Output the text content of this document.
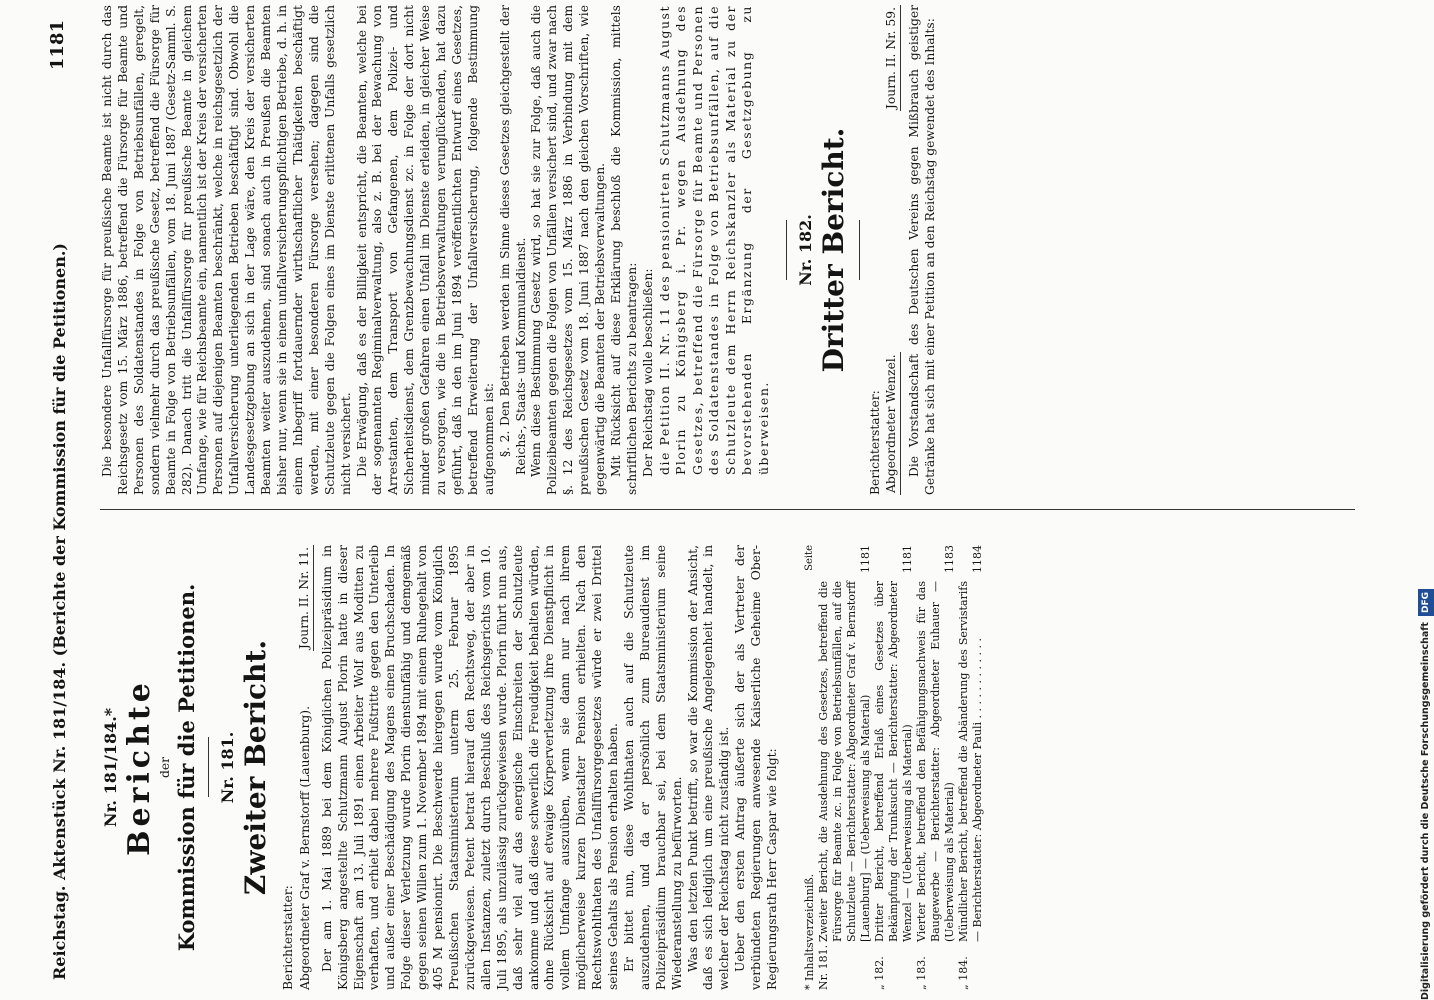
Reichstag. Aktenstück Nr. 181/184. (Berichte der Kommission für die Petitionen.)
1181
Nr. 181/184.* Berichte der Kommission für die Petitionen. Nr. 181. Zweiter Bericht.
Berichterstatter: Abgeordneter Graf v. Bernstorff (Lauenburg).
Journ. II. Nr. 11. Der am 1. Mai 1889 bei dem Königlichen Polizeipräsidium in Königsberg angestellte Schutzmann August Plorin hatte in dieser Eigenschaft am 13. Juli 1891 einen Arbeiter Wolf aus Moditten zu verhaften, und erhielt dabei mehrere Fußtritte gegen den Unterleib und außer einer Beschädigung des Magens einen Bruchschaden. In Folge dieser Verletzung wurde Plorin dienstunfähig und demgemäß gegen seinen Willen zum 1. November 1894 mit einem Ruhegehalt von 405 M pensionirt. Die Beschwerde hiergegen wurde vom Königlich Preußischen Staatsministerium unterm 25. Februar 1895 zurückgewiesen. Petent betrat hierauf den Rechtsweg, der aber in allen Instanzen, zuletzt durch Beschluß des Reichsgerichts vom 10. Juli 1895, als unzulässig zurückgewiesen wurde. Plorin führt nun aus, daß sehr viel auf das energische Einschreiten der Schutzleute ankomme und daß diese schwerlich die Freudigkeit behalten würden, ohne Rücksicht auf etwaige Körperverletzung ihre Dienstpflicht in vollem Umfange auszuüben, wenn sie dann nur nach ihrem möglicherweise kurzen Dienstalter Pension erhielten. Nach den Rechtswohlthaten des Unfallfürsorgegesetzes würde er zwei Drittel seines Gehalts als Pension erhalten haben. Er bittet nun, diese Wohlthaten auch auf die Schutzleute auszudehnen, und da er persönlich zum Bureaudienst im Polizeipräsidium brauchbar sei, bei dem Staatsministerium seine Wiederanstellung zu befürworten. Was den letzten Punkt betrifft, so war die Kommission der Ansicht, daß es sich lediglich um eine preußische Angelegenheit handelt, in welcher der Reichstag nicht zuständig ist. Ueber den ersten Antrag äußerte sich der als Vertreter der verbündeten Regierungen anwesende Kaiserliche Geheime Ober-Regierungsrath Herr Caspar wie folgt: * Inhaltsverzeichniß.
Seite
Nr. 181.
Zweiter Bericht, die Ausdehnung des Gesetzes, betreffend die Fürsorge für Beamte zc. in Folge von Betriebsunfällen, auf die Schutzleute — Berichterstatter: Abgeordneter Graf v. Bernstorff [Lauenburg] — (Ueberweisung als Material)
1181
„ 182.
Dritter Bericht, betreffend Erlaß eines Gesetzes über Bekämpfung der Trunksucht — Berichterstatter: Abgeordneter Wenzel — (Ueberweisung als Material)
1181
„ 183.
Vierter Bericht, betreffend den Befähigungsnachweis für das Baugewerbe — Berichterstatter: Abgeordneter Euhauer — (Ueberweisung als Material)
1183
„ 184.
Mündlicher Bericht, betreffend die Abänderung des Servistarifs — Berichterstatter: Abgeordneter Pauli . . . . . . . . . . . .
1184

Die besondere Unfallfürsorge für preußische Beamte ist nicht durch das Reichsgesetz vom 15. März 1886, betreffend die Fürsorge für Beamte und Personen des Soldatenstandes in Folge von Betriebsunfällen, geregelt, sondern vielmehr durch das preußische Gesetz, betreffend die Fürsorge für Beamte in Folge von Betriebsunfällen, vom 18. Juni 1887 (Gesetz-Samml. S. 282). Danach tritt die Unfallfürsorge für preußische Beamte in gleichem Umfange, wie für Reichsbeamte ein, namentlich ist der Kreis der versicherten Personen auf diejenigen Beamten beschränkt, welche in reichsgesetzlich der Unfallversicherung unterliegenden Betrieben beschäftigt sind. Obwohl die Landesgesetzgebung an sich in der Lage wäre, den Kreis der versicherten Beamten weiter auszudehnen, sind sonach auch in Preußen die Beamten bisher nur, wenn sie in einem unfallversicherungspflichtigen Betriebe, d. h. in einem Inbegriff fortdauernder wirthschaftlicher Thätigkeiten beschäftigt werden, mit einer besonderen Fürsorge versehen; dagegen sind die Schutzleute gegen die Folgen eines im Dienste erlittenen Unfalls gesetzlich nicht versichert. Die Erwägung, daß es der Billigkeit entspricht, die Beamten, welche bei der sogenannten Regiminalverwaltung, also z. B. bei der Bewachung von Arrestanten, dem Transport von Gefangenen, dem Polizei- und Sicherheitsdienst, dem Grenzbewachungsdienst zc. in Folge der dort nicht minder großen Gefahren einen Unfall im Dienste erleiden, in gleicher Weise zu versorgen, wie die in Betriebsverwaltungen verunglückenden, hat dazu geführt, daß in den im Juni 1894 veröffentlichten Entwurf eines Gesetzes, betreffend Erweiterung der Unfallversicherung, folgende Bestimmung aufgenommen ist: §. 2. Den Betrieben werden im Sinne dieses Gesetzes gleichgestellt der Reichs-, Staats- und Kommunaldienst. Wenn diese Bestimmung Gesetz wird, so hat sie zur Folge, daß auch die Polizeibeamten gegen die Folgen von Unfällen versichert sind, und zwar nach §. 12 des Reichsgesetzes vom 15. März 1886 in Verbindung mit dem preußischen Gesetz vom 18. Juni 1887 nach den gleichen Vorschriften, wie gegenwärtig die Beamten der Betriebsverwaltungen. Mit Rücksicht auf diese Erklärung beschloß die Kommission, mittels schriftlichen Berichts zu beantragen: Der Reichstag wolle beschließen: die Petition II. Nr. 11 des pensionirten Schutzmanns August Plorin zu Königsberg i. Pr. wegen Ausdehnung des Gesetzes, betreffend die Fürsorge für Beamte und Personen des Soldatenstandes in Folge von Betriebsunfällen, auf die Schutzleute dem Herrn Reichskanzler als Material zu der bevorstehenden Ergänzung der Gesetzgebung zu überweisen.

Nr. 182. Dritter Bericht.
Berichterstatter: Abgeordneter Wenzel.
Journ. II. Nr. 59. Die Vorstandschaft des Deutschen Vereins gegen Mißbrauch geistiger Getränke hat sich mit einer Petition an den Reichstag gewendet des Inhalts:

Digitalisierung gefördert durch die Deutsche ForschungsgemeinschaftDFG
